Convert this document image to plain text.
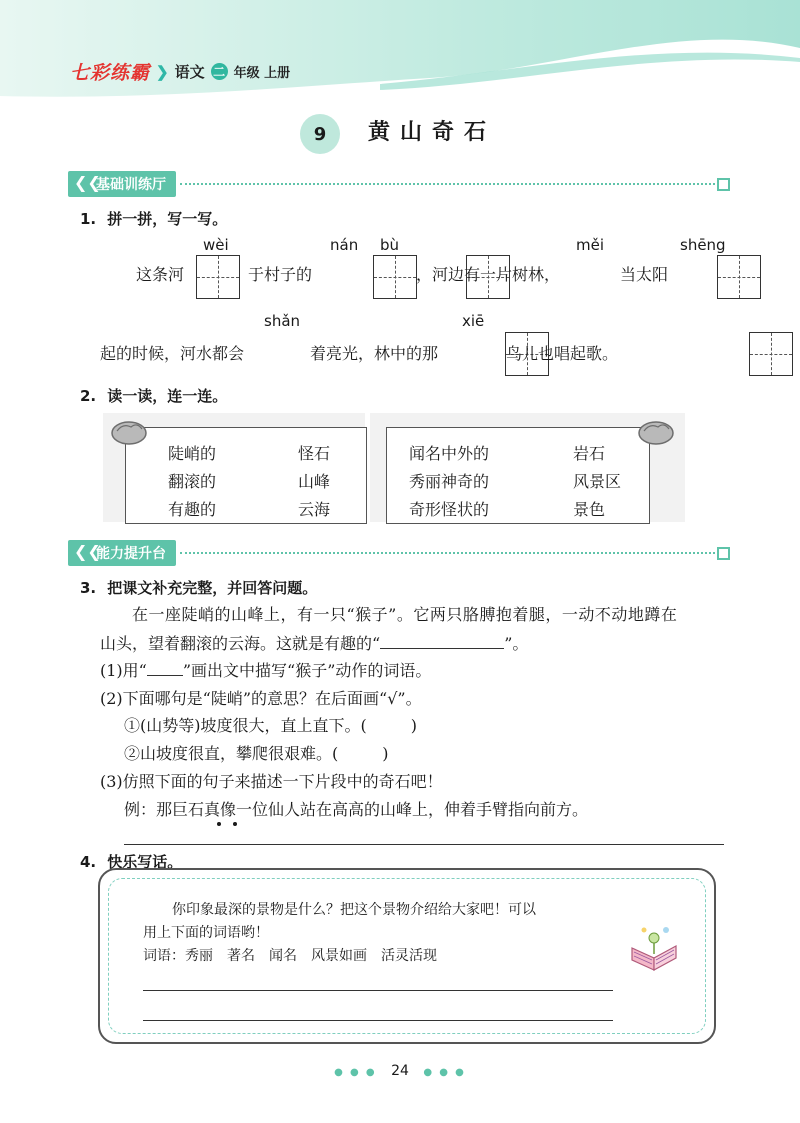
七彩练霸 ❯ 语文 二 年级 上册
9	黄山奇石
❮❮
基础训练厅
1. 拼一拼，写一写。
这条河
wèi

于村子的
nán bù

，河边有一片树林，
měi

当太阳
shēng

起的时候，河水都会
shǎn

着亮光，林中的那
xiē
鸟儿也唱起歌。
2. 读一读，连一连。
陡峭的
翻滚的
有趣的
怪石
山峰
云海
闻名中外的
秀丽神奇的
奇形怪状的
岩石
风景区
景色
❮❮
能力提升台
3. 把课文补充完整，并回答问题。
在一座陡峭的山峰上，有一只“猴子”。它两只胳膊抱着腿，一动不动地蹲在
山头，望着翻滚的云海。这就是有趣的“	”。
(1)用“ ”画出文中描写“猴子”动作的词语。
(2)下面哪句是“陡峭”的意思？在后面画“√”。
①(山势等)坡度很大，直上直下。(	)
②山坡度很直，攀爬很艰难。(	)
(3)仿照下面的句子来描述一下片段中的奇石吧！
例：那巨石真像一位仙人站在高高的山峰上，伸着手臂指向前方。
4. 快乐写话。
你印象最深的景物是什么？把这个景物介绍给大家吧！可以
用上下面的词语哟！
词语：秀丽　著名　闻名　风景如画　活灵活现
● ● ● 24 ● ● ●
